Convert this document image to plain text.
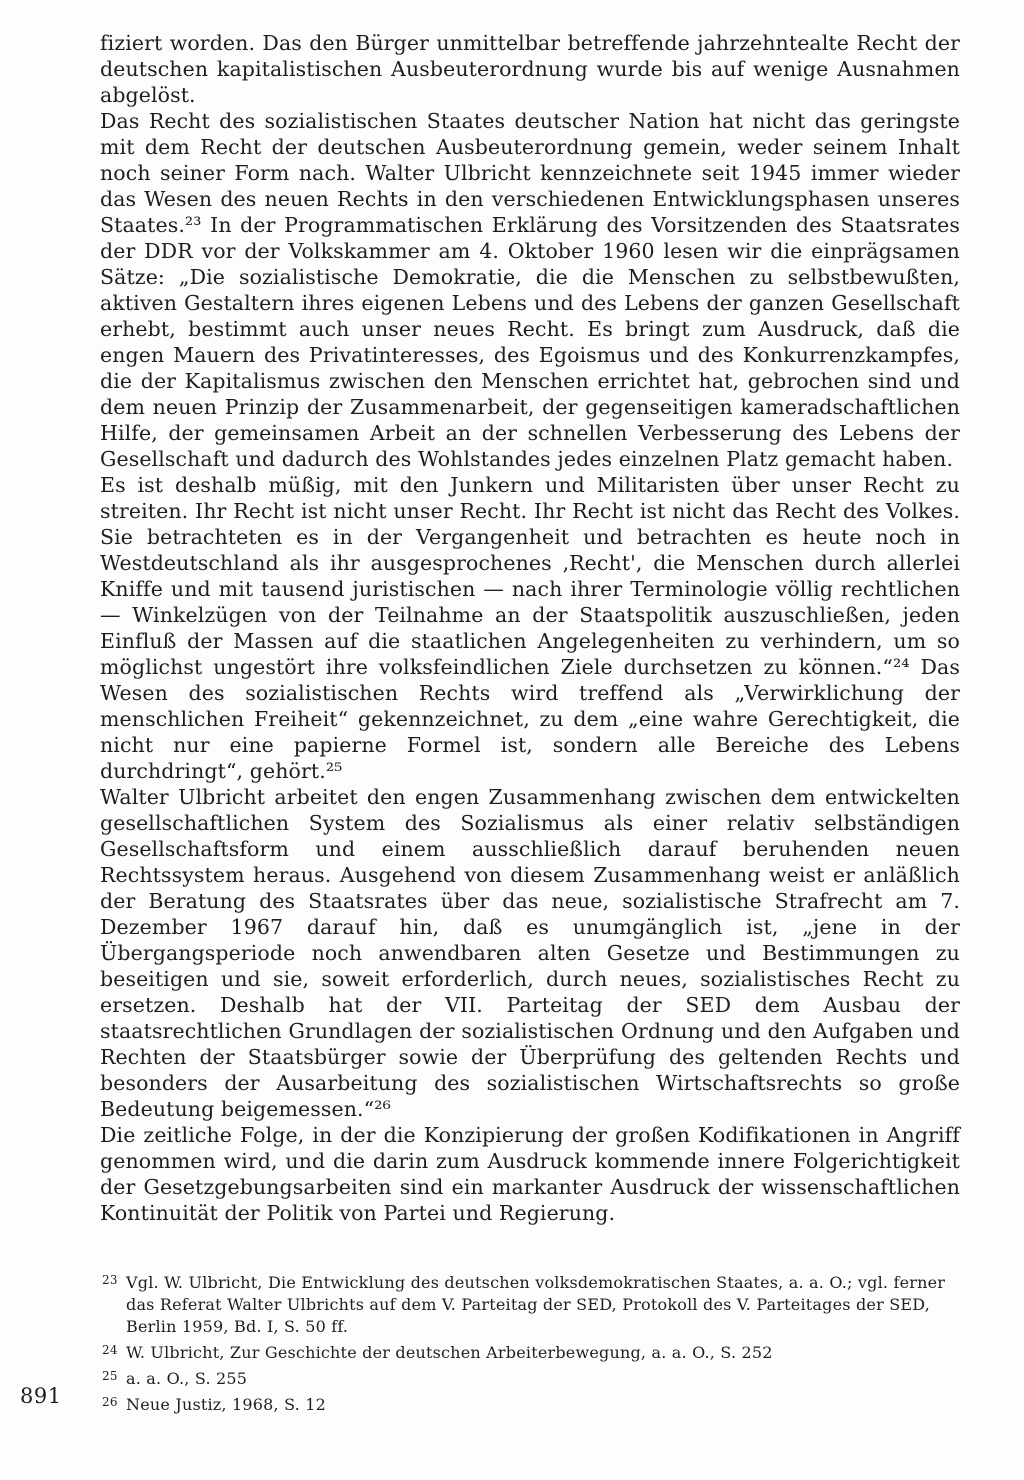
fiziert worden. Das den Bürger unmittelbar betreffende jahrzehntealte Recht der deutschen kapitalistischen Ausbeuterordnung wurde bis auf wenige Ausnahmen abgelöst.

Das Recht des sozialistischen Staates deutscher Nation hat nicht das geringste mit dem Recht der deutschen Ausbeuterordnung gemein, weder seinem Inhalt noch seiner Form nach. Walter Ulbricht kennzeichnete seit 1945 immer wieder das Wesen des neuen Rechts in den verschiedenen Entwicklungsphasen unseres Staates.²³ In der Programmatischen Erklärung des Vorsitzenden des Staatsrates der DDR vor der Volkskammer am 4. Oktober 1960 lesen wir die einprägsamen Sätze: „Die sozialistische Demokratie, die die Menschen zu selbstbewußten, aktiven Gestaltern ihres eigenen Lebens und des Lebens der ganzen Gesellschaft erhebt, bestimmt auch unser neues Recht. Es bringt zum Ausdruck, daß die engen Mauern des Privatinteresses, des Egoismus und des Konkurrenzkampfes, die der Kapitalismus zwischen den Menschen errichtet hat, gebrochen sind und dem neuen Prinzip der Zusammenarbeit, der gegenseitigen kameradschaftlichen Hilfe, der gemeinsamen Arbeit an der schnellen Verbesserung des Lebens der Gesellschaft und dadurch des Wohlstandes jedes einzelnen Platz gemacht haben.

Es ist deshalb müßig, mit den Junkern und Militaristen über unser Recht zu streiten. Ihr Recht ist nicht unser Recht. Ihr Recht ist nicht das Recht des Volkes. Sie betrachteten es in der Vergangenheit und betrachten es heute noch in Westdeutschland als ihr ausgesprochenes ‚Recht', die Menschen durch allerlei Kniffe und mit tausend juristischen — nach ihrer Terminologie völlig rechtlichen — Winkelzügen von der Teilnahme an der Staatspolitik auszuschließen, jeden Einfluß der Massen auf die staatlichen Angelegenheiten zu verhindern, um so möglichst ungestört ihre volksfeindlichen Ziele durchsetzen zu können.“²⁴ Das Wesen des sozialistischen Rechts wird treffend als „Verwirklichung der menschlichen Freiheit“ gekennzeichnet, zu dem „eine wahre Gerechtigkeit, die nicht nur eine papierne Formel ist, sondern alle Bereiche des Lebens durchdringt“, gehört.²⁵

Walter Ulbricht arbeitet den engen Zusammenhang zwischen dem entwickelten gesellschaftlichen System des Sozialismus als einer relativ selbständigen Gesellschaftsform und einem ausschließlich darauf beruhenden neuen Rechtssystem heraus. Ausgehend von diesem Zusammenhang weist er anläßlich der Beratung des Staatsrates über das neue, sozialistische Strafrecht am 7. Dezember 1967 darauf hin, daß es unumgänglich ist, „jene in der Übergangsperiode noch anwendbaren alten Gesetze und Bestimmungen zu beseitigen und sie, soweit erforderlich, durch neues, sozialistisches Recht zu ersetzen. Deshalb hat der VII. Parteitag der SED dem Ausbau der staatsrechtlichen Grundlagen der sozialistischen Ordnung und den Aufgaben und Rechten der Staatsbürger sowie der Überprüfung des geltenden Rechts und besonders der Ausarbeitung des sozialistischen Wirtschaftsrechts so große Bedeutung beigemessen.“²⁶

Die zeitliche Folge, in der die Konzipierung der großen Kodifikationen in Angriff genommen wird, und die darin zum Ausdruck kommende innere Folgerichtigkeit der Gesetzgebungsarbeiten sind ein markanter Ausdruck der wissenschaftlichen Kontinuität der Politik von Partei und Regierung.

23 Vgl. W. Ulbricht, Die Entwicklung des deutschen volksdemokratischen Staates, a. a. O.; vgl. ferner das Referat Walter Ulbrichts auf dem V. Parteitag der SED, Protokoll des V. Parteitages der SED, Berlin 1959, Bd. I, S. 50 ff.
24 W. Ulbricht, Zur Geschichte der deutschen Arbeiterbewegung, a. a. O., S. 252
25 a. a. O., S. 255
26 Neue Justiz, 1968, S. 12
891
